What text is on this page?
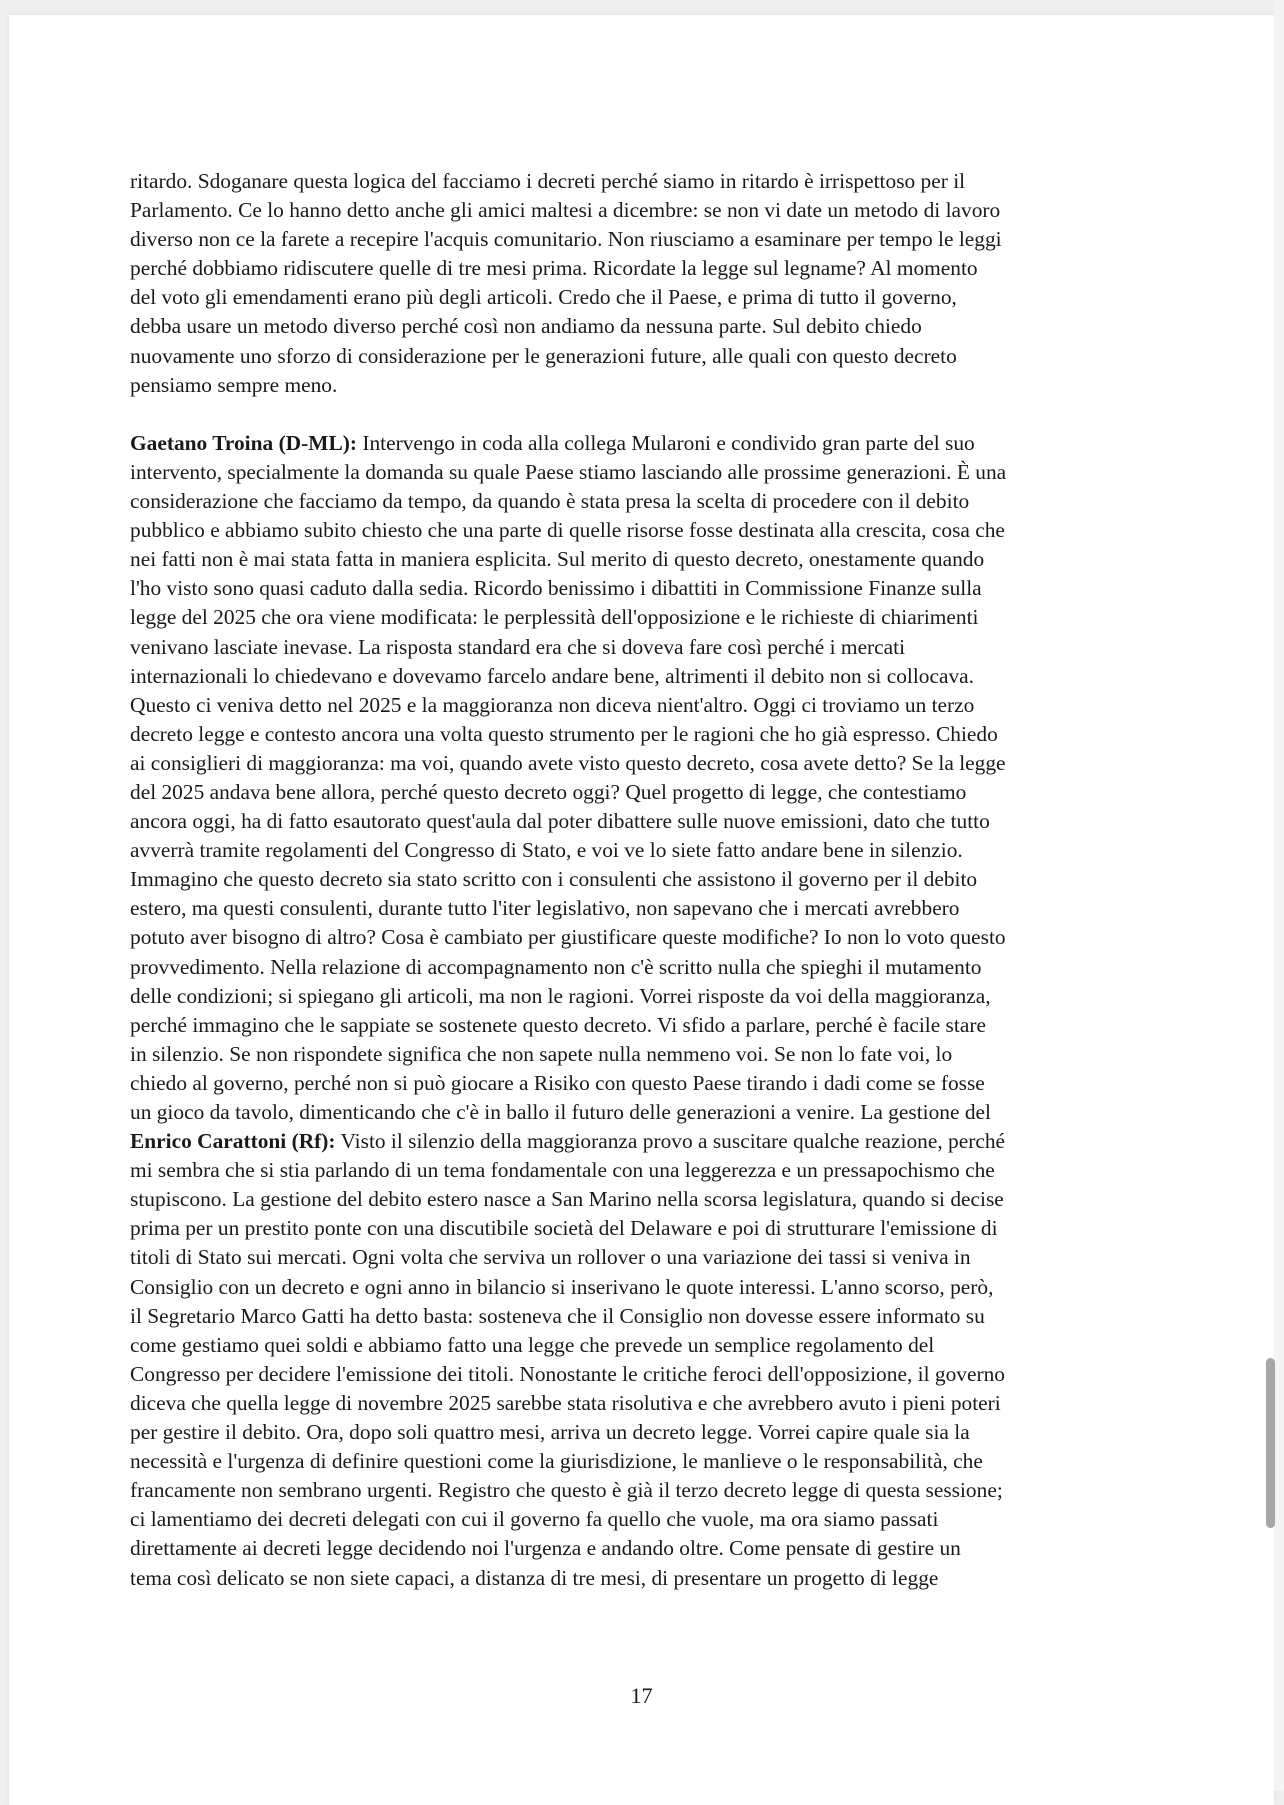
ritardo. Sdoganare questa logica del facciamo i decreti perché siamo in ritardo è irrispettoso per il
Parlamento. Ce lo hanno detto anche gli amici maltesi a dicembre: se non vi date un metodo di lavoro
diverso non ce la farete a recepire l'acquis comunitario. Non riusciamo a esaminare per tempo le leggi
perché dobbiamo ridiscutere quelle di tre mesi prima. Ricordate la legge sul legname? Al momento
del voto gli emendamenti erano più degli articoli. Credo che il Paese, e prima di tutto il governo,
debba usare un metodo diverso perché così non andiamo da nessuna parte. Sul debito chiedo
nuovamente uno sforzo di considerazione per le generazioni future, alle quali con questo decreto
pensiamo sempre meno.
Gaetano Troina (D-ML): Intervengo in coda alla collega Mularoni e condivido gran parte del suo
intervento, specialmente la domanda su quale Paese stiamo lasciando alle prossime generazioni. È una
considerazione che facciamo da tempo, da quando è stata presa la scelta di procedere con il debito
pubblico e abbiamo subito chiesto che una parte di quelle risorse fosse destinata alla crescita, cosa che
nei fatti non è mai stata fatta in maniera esplicita. Sul merito di questo decreto, onestamente quando
l'ho visto sono quasi caduto dalla sedia. Ricordo benissimo i dibattiti in Commissione Finanze sulla
legge del 2025 che ora viene modificata: le perplessità dell'opposizione e le richieste di chiarimenti
venivano lasciate inevase. La risposta standard era che si doveva fare così perché i mercati
internazionali lo chiedevano e dovevamo farcelo andare bene, altrimenti il debito non si collocava.
Questo ci veniva detto nel 2025 e la maggioranza non diceva nient'altro. Oggi ci troviamo un terzo
decreto legge e contesto ancora una volta questo strumento per le ragioni che ho già espresso. Chiedo
ai consiglieri di maggioranza: ma voi, quando avete visto questo decreto, cosa avete detto? Se la legge
del 2025 andava bene allora, perché questo decreto oggi? Quel progetto di legge, che contestiamo
ancora oggi, ha di fatto esautorato quest'aula dal poter dibattere sulle nuove emissioni, dato che tutto
avverrà tramite regolamenti del Congresso di Stato, e voi ve lo siete fatto andare bene in silenzio.
Immagino che questo decreto sia stato scritto con i consulenti che assistono il governo per il debito
estero, ma questi consulenti, durante tutto l'iter legislativo, non sapevano che i mercati avrebbero
potuto aver bisogno di altro? Cosa è cambiato per giustificare queste modifiche? Io non lo voto questo
provvedimento. Nella relazione di accompagnamento non c'è scritto nulla che spieghi il mutamento
delle condizioni; si spiegano gli articoli, ma non le ragioni. Vorrei risposte da voi della maggioranza,
perché immagino che le sappiate se sostenete questo decreto. Vi sfido a parlare, perché è facile stare
in silenzio. Se non rispondete significa che non sapete nulla nemmeno voi. Se non lo fate voi, lo
chiedo al governo, perché non si può giocare a Risiko con questo Paese tirando i dadi come se fosse
un gioco da tavolo, dimenticando che c'è in ballo il futuro delle generazioni a venire. La gestione del
Enrico Carattoni (Rf): Visto il silenzio della maggioranza provo a suscitare qualche reazione, perché
mi sembra che si stia parlando di un tema fondamentale con una leggerezza e un pressapochismo che
stupiscono. La gestione del debito estero nasce a San Marino nella scorsa legislatura, quando si decise
prima per un prestito ponte con una discutibile società del Delaware e poi di strutturare l'emissione di
titoli di Stato sui mercati. Ogni volta che serviva un rollover o una variazione dei tassi si veniva in
Consiglio con un decreto e ogni anno in bilancio si inserivano le quote interessi. L'anno scorso, però,
il Segretario Marco Gatti ha detto basta: sosteneva che il Consiglio non dovesse essere informato su
come gestiamo quei soldi e abbiamo fatto una legge che prevede un semplice regolamento del
Congresso per decidere l'emissione dei titoli. Nonostante le critiche feroci dell'opposizione, il governo
diceva che quella legge di novembre 2025 sarebbe stata risolutiva e che avrebbero avuto i pieni poteri
per gestire il debito. Ora, dopo soli quattro mesi, arriva un decreto legge. Vorrei capire quale sia la
necessità e l'urgenza di definire questioni come la giurisdizione, le manlieve o le responsabilità, che
francamente non sembrano urgenti. Registro che questo è già il terzo decreto legge di questa sessione;
ci lamentiamo dei decreti delegati con cui il governo fa quello che vuole, ma ora siamo passati
direttamente ai decreti legge decidendo noi l'urgenza e andando oltre. Come pensate di gestire un
tema così delicato se non siete capaci, a distanza di tre mesi, di presentare un progetto di legge
17
